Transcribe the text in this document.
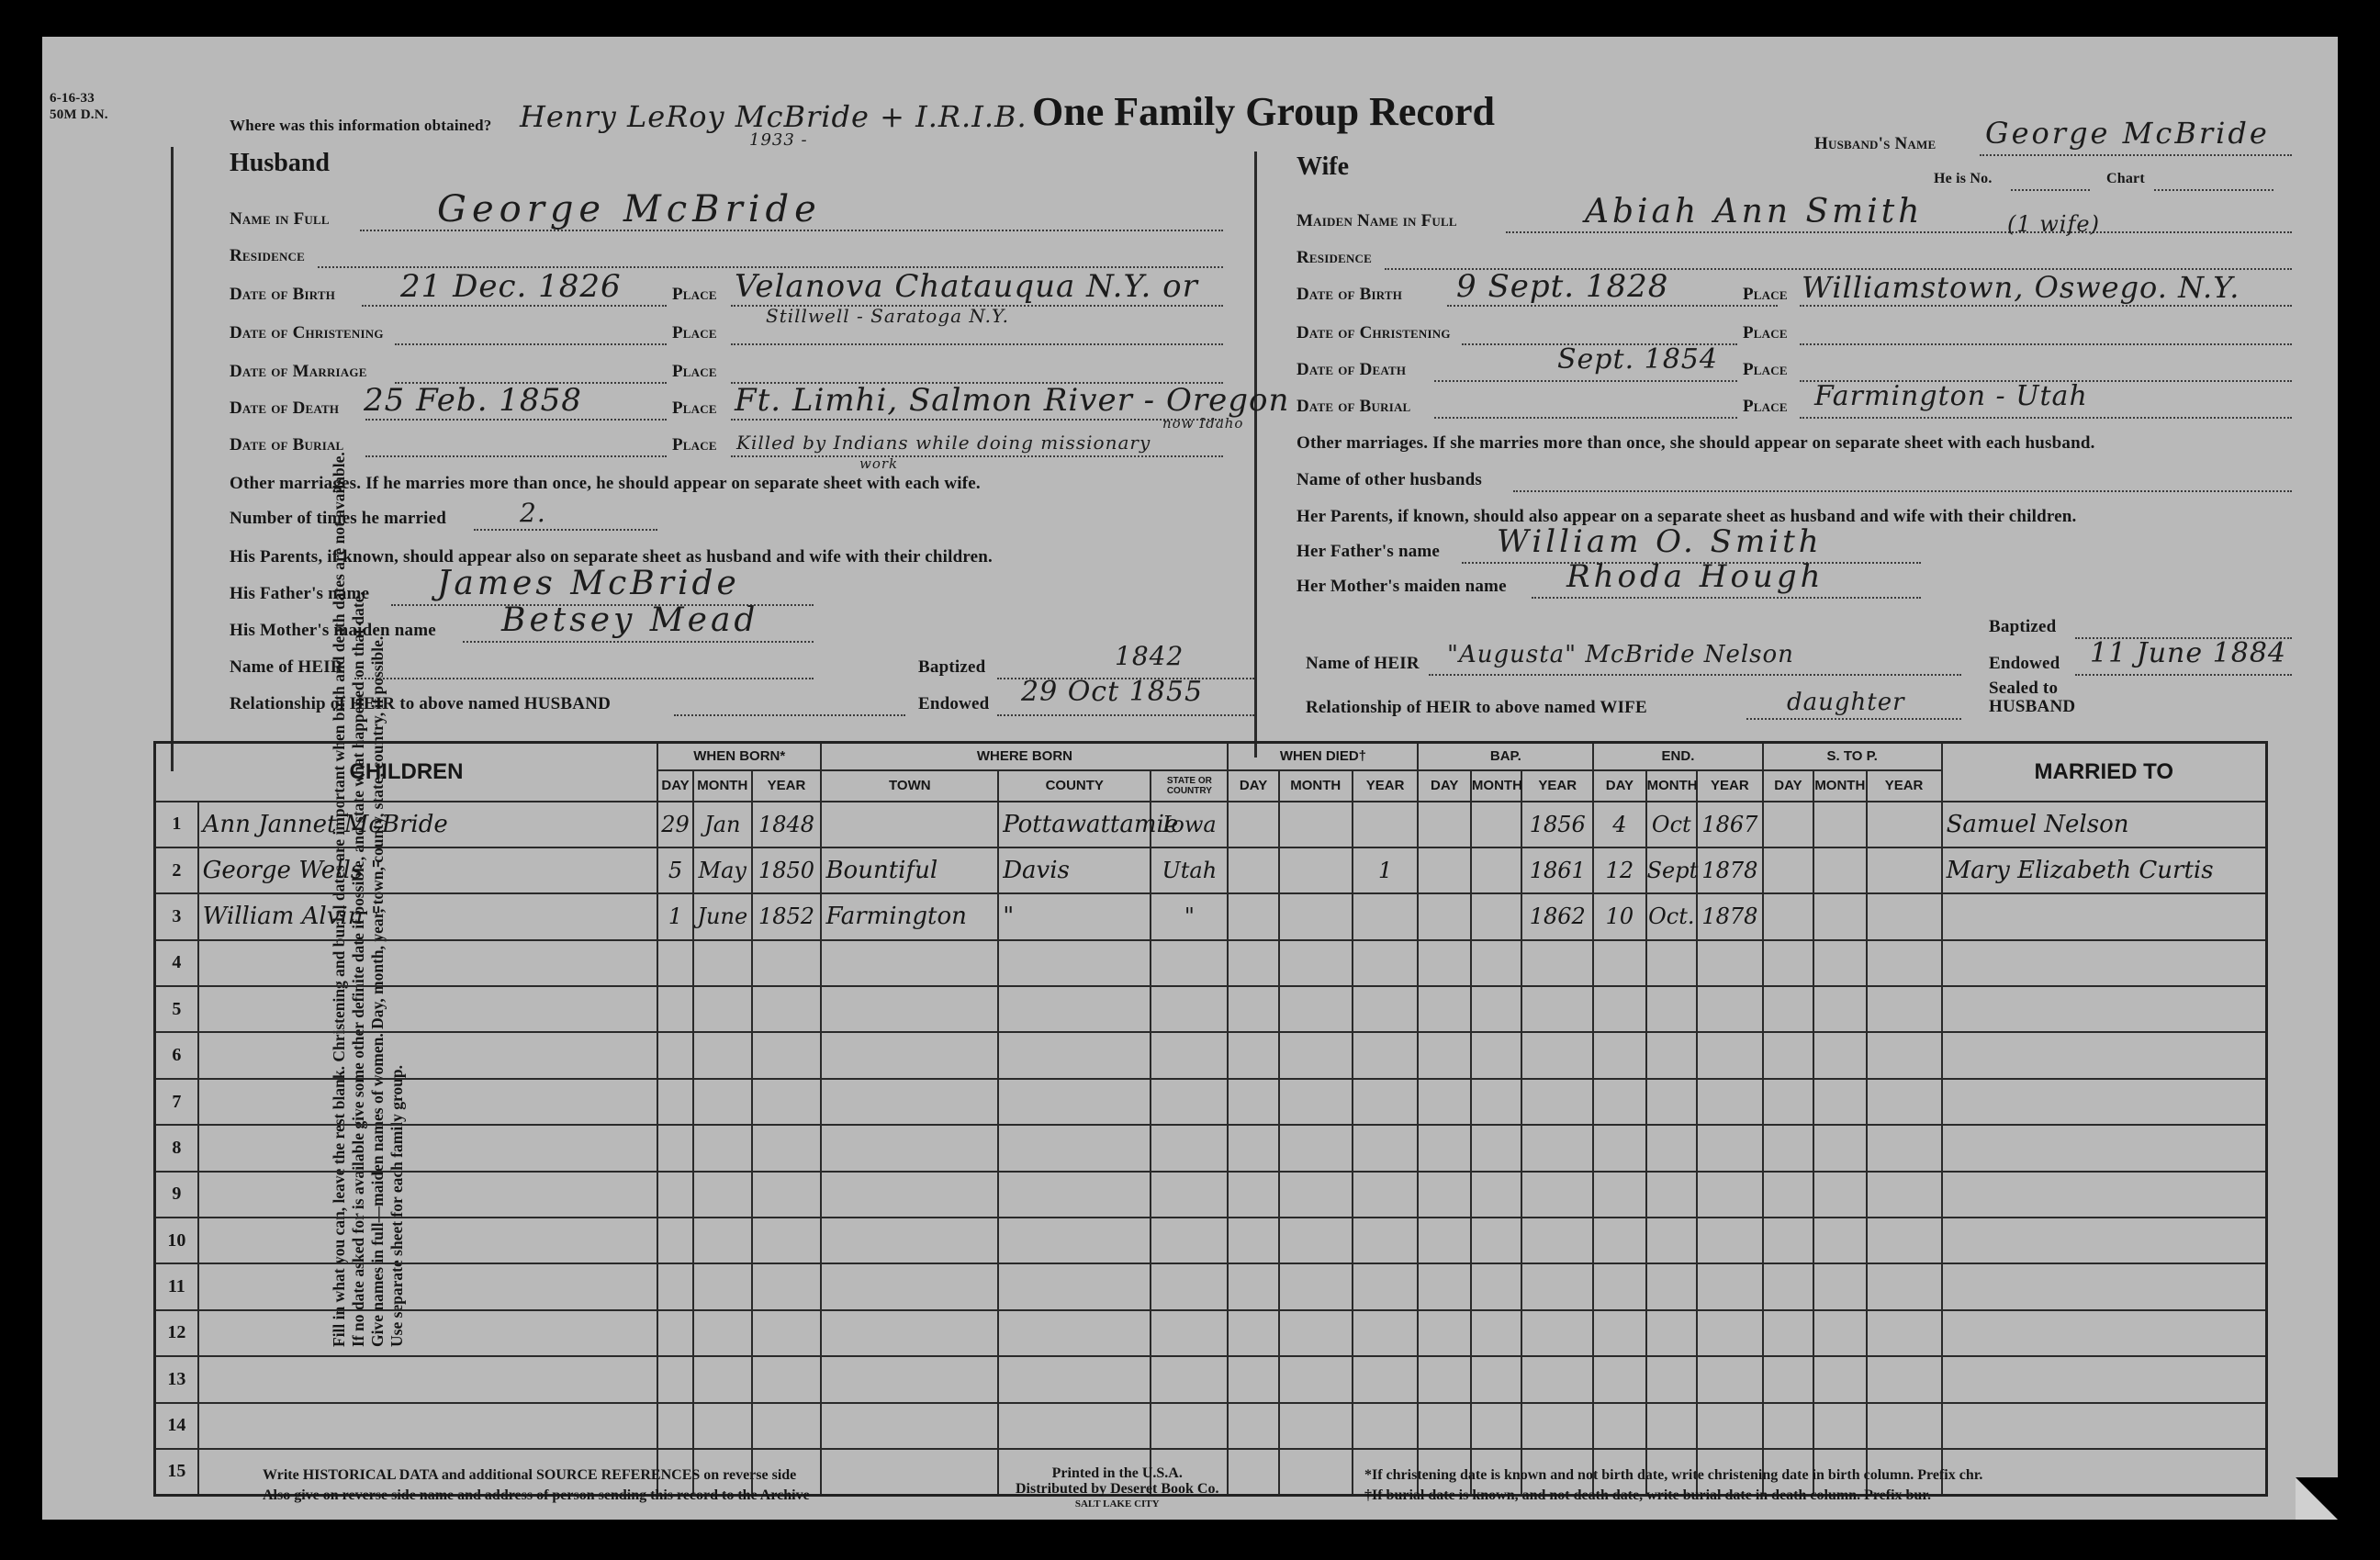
Fill in what you can, leave the rest blank. Christening and burial dates are important when birth and death dates are not available. If no date asked for is available give some other definite date if possible, and state what happened on that date. Give names in full—maiden names of women. Day, month, year, town, county, state, country, if possible. Use separate sheet for each family group.
6-16-33
50M D.N.
Where was this information obtained? Henry LeRoy McBride + I.R.I.B.
1933 -
One Family Group Record
Husband
Name in Full	George McBride
Residence
Date of Birth 21 Dec. 1826	Place Velanova Chatauqua N.Y. or
Stillwell - Saratoga N.Y.
Date of Christening	Place
Date of Marriage	Place
Date of Death 25 Feb. 1858	Place Ft. Limhi, Salmon River - Oregon
Date of Burial	Place Killed by Indians while doing missionary
now Idaho
work
Other marriages. If he marries more than once, he should appear on separate sheet with each wife.
Number of times he married	2.
His Parents, if known, should appear also on separate sheet as husband and wife with their children.
His Father's name James McBride
His Mother's maiden name Betsey Mead
Name of HEIR	Baptized	1842
Relationship of HEIR to above named HUSBAND	Endowed 29 Oct 1855
Husband's Name George McBride
He is No.	Chart
Wife
Maiden Name in Full	Abiah Ann Smith	(1 wife)
Residence
Date of Birth 9 Sept. 1828	Place Williamstown, Oswego. N.Y.
Date of Christening	Place
Date of Death	Sept. 1854 Place
Date of Burial	Place Farmington - Utah
Other marriages. If she marries more than once, she should appear on separate sheet with each husband.
Name of other husbands
Her Parents, if known, should also appear on a separate sheet as husband and wife with their children.
Her Father's name William O. Smith
Her Mother's maiden name Rhoda Hough
Baptized
Name of HEIR "Augusta" McBride Nelson	Endowed 11 June 1884
Relationship of HEIR to above named WIFE	daughter
Sealed to
HUSBAND
CHILDREN		WHEN BORN*			WHERE BORN			WHEN DIED†			BAP.			END.			S. TO P.			MARRIED TO
		DAY	MONTH	YEAR	TOWN	COUNTY	STATE OR COUNTRY	DAY	MONTH	YEAR	DAY	MONTH	YEAR	DAY	MONTH	YEAR	DAY	MONTH	YEAR	
1	Ann Jannet McBride	29	Jan	1848		Pottawattamie	Iowa						1856	4	Oct	1867				Samuel Nelson
2	George Wells "	5	May	1850	Bountiful	Davis	Utah			1			1861	12	Sept	1878				Mary Elizabeth Curtis
3	William Alvin "	1	June	1852	Farmington	"	"						1862	10	Oct.	1878				
4																				
5																				
6																				
7																				
8																				
9																				
10																				
11																				
12																				
13																				
14																				
15																					Write HISTORICAL DATA and additional SOURCE REFERENCES on reverse side
Also give on reverse side name and address of person sending this record to the Archive
Printed in the U.S.A.
Distributed by Deseret Book Co.
SALT LAKE CITY
*If christening date is known and not birth date, write christening date in birth column. Prefix chr.
†If burial date is known, and not death date, write burial date in death column. Prefix bur.
